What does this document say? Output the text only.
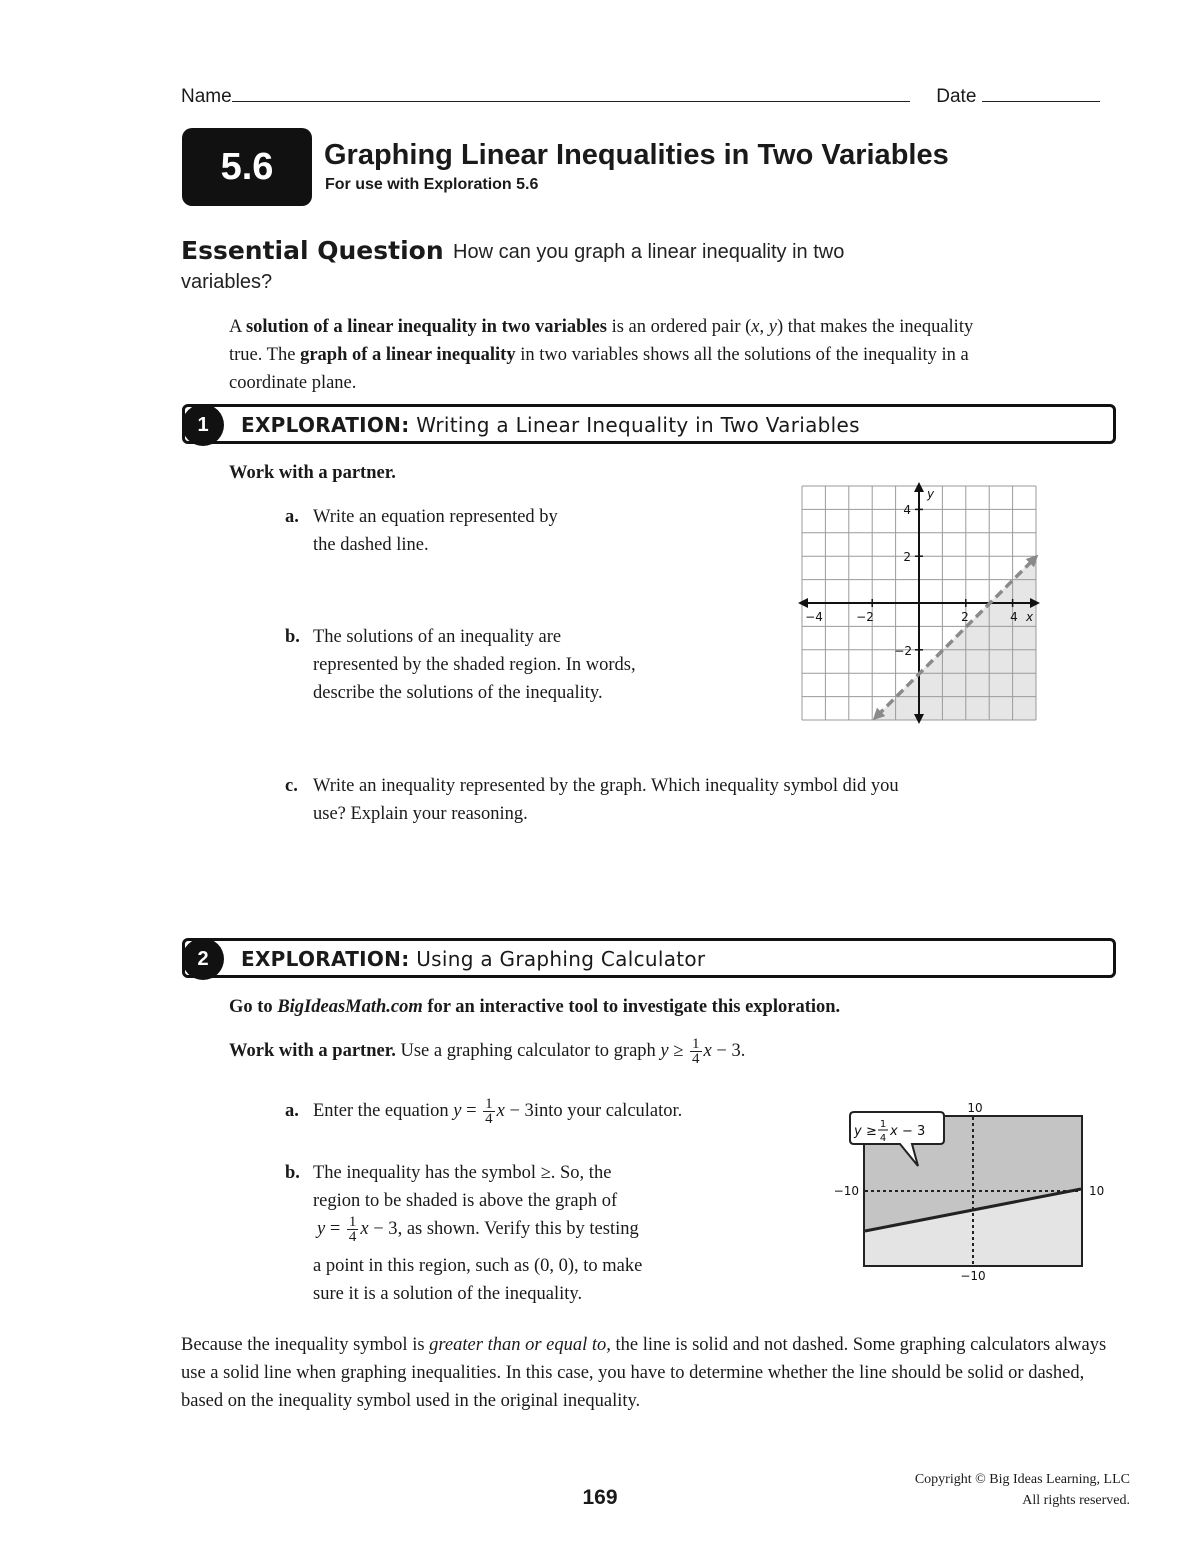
Name	Date
5.6 Graphing Linear Inequalities in Two Variables
For use with Exploration 5.6
Essential Question How can you graph a linear inequality in two
variables?
A solution of a linear inequality in two variables is an ordered pair (x, y) that makes the inequality true. The graph of a linear inequality in two variables shows all the solutions of the inequality in a coordinate plane.
1	EXPLORATION: Writing a Linear Inequality in Two Variables
Work with a partner.
a. Write an equation represented by
the dashed line.
b. The solutions of an inequality are
represented by the shaded region. In words,
describe the solutions of the inequality.
−4	−2	2	4
4
2
−2
y
x
c. Write an inequality represented by the graph. Which inequality symbol did you
use? Explain your reasoning.
2	EXPLORATION: Using a Graphing Calculator
Go to BigIdeasMath.com for an interactive tool to investigate this exploration.
Work with a partner. Use a graphing calculator to graph $y \ge \frac{1}{4}$ x − 3.
a. Enter the equation $y = \frac{1}{4}$ x − 3into your calculator.
b. The inequality has the symbol ≥. So, the
region to be shaded is above the graph of
$y = \frac{1}{4}$ x − 3, as shown. Verify this by testing

a point in this region, such as (0, 0), to make
sure it is a solution of the inequality.
y ≥ 1
4 x − 3
10
−10
−10	10
Because the inequality symbol is greater than or equal to, the line is solid and not dashed. Some graphing calculators always use a solid line when graphing inequalities. In this case, you have to determine whether the line should be solid or dashed, based on the inequality symbol used in the original inequality.
169
Copyright © Big Ideas Learning, LLC
All rights reserved.
